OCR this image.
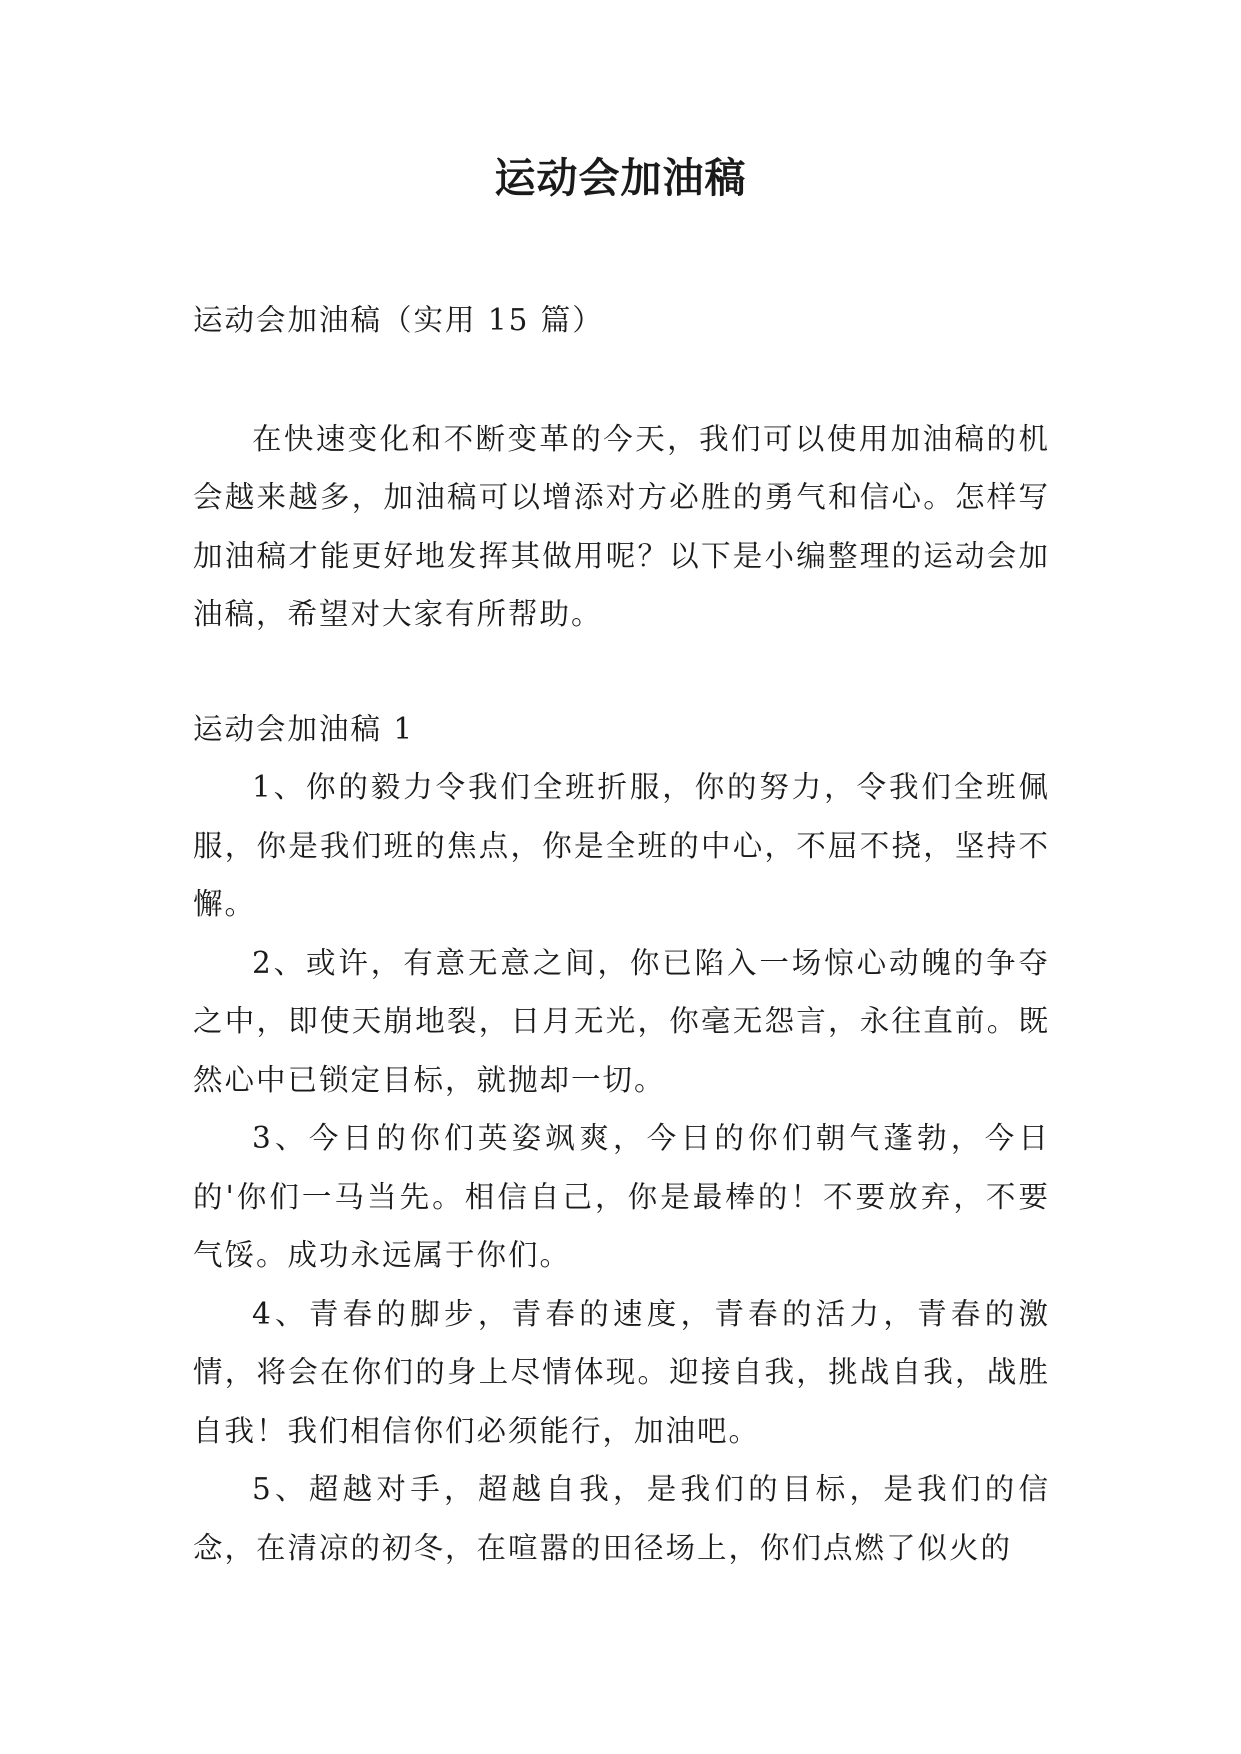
运动会加油稿

运动会加油稿（实用 15 篇）

在快速变化和不断变革的今天，我们可以使用加油稿的机会越来越多，加油稿可以增添对方必胜的勇气和信心。怎样写加油稿才能更好地发挥其做用呢？以下是小编整理的运动会加油稿，希望对大家有所帮助。

运动会加油稿 1

1、你的毅力令我们全班折服，你的努力，令我们全班佩服，你是我们班的焦点，你是全班的中心，不屈不挠，坚持不懈。

2、或许，有意无意之间，你已陷入一场惊心动魄的争夺之中，即使天崩地裂，日月无光，你毫无怨言，永往直前。既然心中已锁定目标，就抛却一切。

3、今日的你们英姿飒爽，今日的你们朝气蓬勃，今日的'你们一马当先。相信自己，你是最棒的！不要放弃，不要气馁。成功永远属于你们。

4、青春的脚步，青春的速度，青春的活力，青春的激情，将会在你们的身上尽情体现。迎接自我，挑战自我，战胜自我！我们相信你们必须能行，加油吧。

5、超越对手，超越自我，是我们的目标，是我们的信念，在清凉的初冬，在喧嚣的田径场上，你们点燃了似火的
